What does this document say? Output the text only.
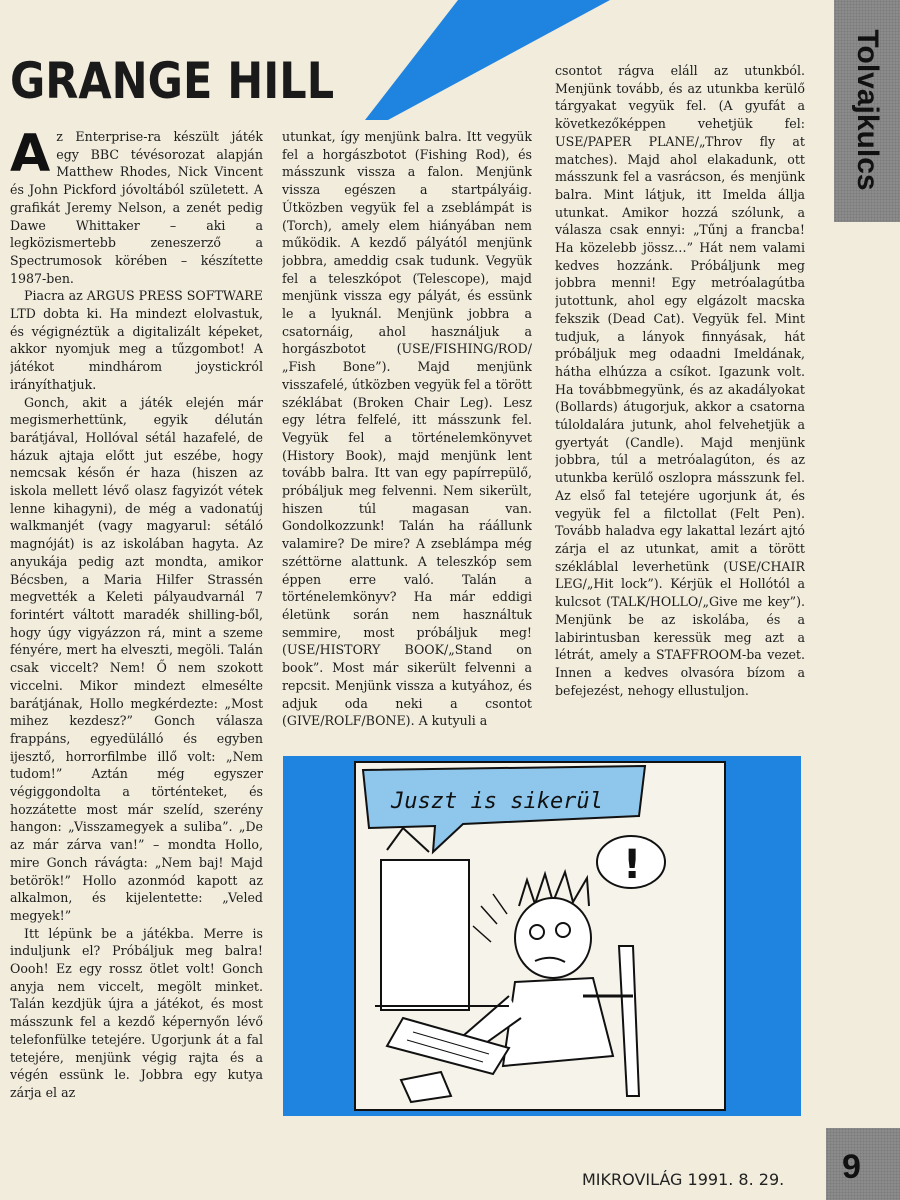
Tolvajkulcs
GRANGE HILL

Az Enterprise-ra készült játék egy BBC tévésorozat alapján Matthew Rhodes, Nick Vincent és John Pickford jóvoltából született. A grafikát Jeremy Nelson, a zenét pedig Dawe Whittaker – aki a legközismertebb zeneszerző a Spectrumosok körében – készítette 1987-ben.

Piacra az ARGUS PRESS SOFTWARE LTD dobta ki. Ha mindezt elolvastuk, és végignéztük a digitalizált képeket, akkor nyomjuk meg a tűzgombot! A játékot mindhárom joystickról irányíthatjuk.

Gonch, akit a játék elején már megismerhettünk, egyik délután barátjával, Hollóval sétál hazafelé, de házuk ajtaja előtt jut eszébe, hogy nemcsak későn ér haza (hiszen az iskola mellett lévő olasz fagyizót vétek lenne kihagyni), de még a vadonatúj walkmanjét (vagy magyarul: sétáló magnóját) is az iskolában hagyta. Az anyukája pedig azt mondta, amikor Bécsben, a Maria Hilfer Strassén megvették a Keleti pályaudvarnál 7 forintért váltott maradék shilling-ből, hogy úgy vigyázzon rá, mint a szeme fényére, mert ha elveszti, megöli. Talán csak viccelt? Nem! Ő nem szokott viccelni. Mikor mindezt elmesélte barátjának, Hollo megkérdezte: „Most mihez kezdesz?” Gonch válasza frappáns, egyedülálló és egyben ijesztő, horrorfilmbe illő volt: „Nem tudom!” Aztán még egyszer végiggondolta a történteket, és hozzátette most már szelíd, szerény hangon: „Visszamegyek a suliba”. „De az már zárva van!” – mondta Hollo, mire Gonch rávágta: „Nem baj! Majd betörök!” Hollo azonmód kapott az alkalmon, és kijelentette: „Veled megyek!”

Itt lépünk be a játékba. Merre is induljunk el? Próbáljuk meg balra! Oooh! Ez egy rossz ötlet volt! Gonch anyja nem viccelt, megölt minket. Talán kezdjük újra a játékot, és most másszunk fel a kezdő képernyőn lévő telefonfülke tetejére. Ugorjunk át a fal tetejére, menjünk végig rajta és a végén essünk le. Jobbra egy kutya zárja el az

utunkat, így menjünk balra. Itt vegyük fel a horgászbotot (Fishing Rod), és másszunk vissza a falon. Menjünk vissza egészen a startpályáig. Útközben vegyük fel a zseblámpát is (Torch), amely elem hiányában nem működik. A kezdő pályától menjünk jobbra, ameddig csak tudunk. Vegyük fel a teleszkópot (Telescope), majd menjünk vissza egy pályát, és essünk le a lyuknál. Menjünk jobbra a csatornáig, ahol használjuk a horgászbotot (USE/FISHING/ROD/„Fish Bone”). Majd menjünk visszafelé, útközben vegyük fel a törött széklábat (Broken Chair Leg). Lesz egy létra felfelé, itt másszunk fel. Vegyük fel a történelemkönyvet (History Book), majd menjünk lent tovább balra. Itt van egy papírrepülő, próbáljuk meg felvenni. Nem sikerült, hiszen túl magasan van. Gondolkozzunk! Talán ha ráállunk valamire? De mire? A zseblámpa még széttörne alattunk. A teleszkóp sem éppen erre való. Talán a történelemkönyv? Ha már eddigi életünk során nem használtuk semmire, most próbáljuk meg! (USE/HISTORY BOOK/„Stand on book”. Most már sikerült felvenni a repcsit. Menjünk vissza a kutyához, és adjuk oda neki a csontot (GIVE/ROLF/BONE). A kutyuli a

csontot rágva eláll az utunkból. Menjünk tovább, és az utunkba kerülő tárgyakat vegyük fel. (A gyufát a következőképpen vehetjük fel: USE/PAPER PLANE/„Throv fly at matches). Majd ahol elakadunk, ott másszunk fel a vasrácson, és menjünk balra. Mint látjuk, itt Imelda állja utunkat. Amikor hozzá szólunk, a válasza csak ennyi: „Tűnj a francba! Ha közelebb jössz…” Hát nem valami kedves hozzánk. Próbáljunk meg jobbra menni! Egy metróalagútba jutottunk, ahol egy elgázolt macska fekszik (Dead Cat). Vegyük fel. Mint tudjuk, a lányok finnyásak, hát próbáljuk meg odaadni Imeldának, hátha elhúzza a csíkot. Igazunk volt. Ha továbbmegyünk, és az akadályokat (Bollards) átugorjuk, akkor a csatorna túloldalára jutunk, ahol felvehetjük a gyertyát (Candle). Majd menjünk jobbra, túl a metróalagúton, és az utunkba kerülő oszlopra másszunk fel. Az első fal tetejére ugorjunk át, és vegyük fel a filctollat (Felt Pen). Tovább haladva egy lakattal lezárt ajtó zárja el az utunkat, amit a törött székláblal leverhetünk (USE/CHAIR LEG/„Hit lock”). Kérjük el Hollótól a kulcsot (TALK/HOLLO/„Give me key”). Menjünk be az iskolába, és a labirintusban keressük meg azt a létrát, amely a STAFFROOM-ba vezet. Innen a kedves olvasóra bízom a befejezést, nehogy ellustuljon.

Juszt is sikerül
!
MIKROVILÁG 1991. 8. 29. 9
